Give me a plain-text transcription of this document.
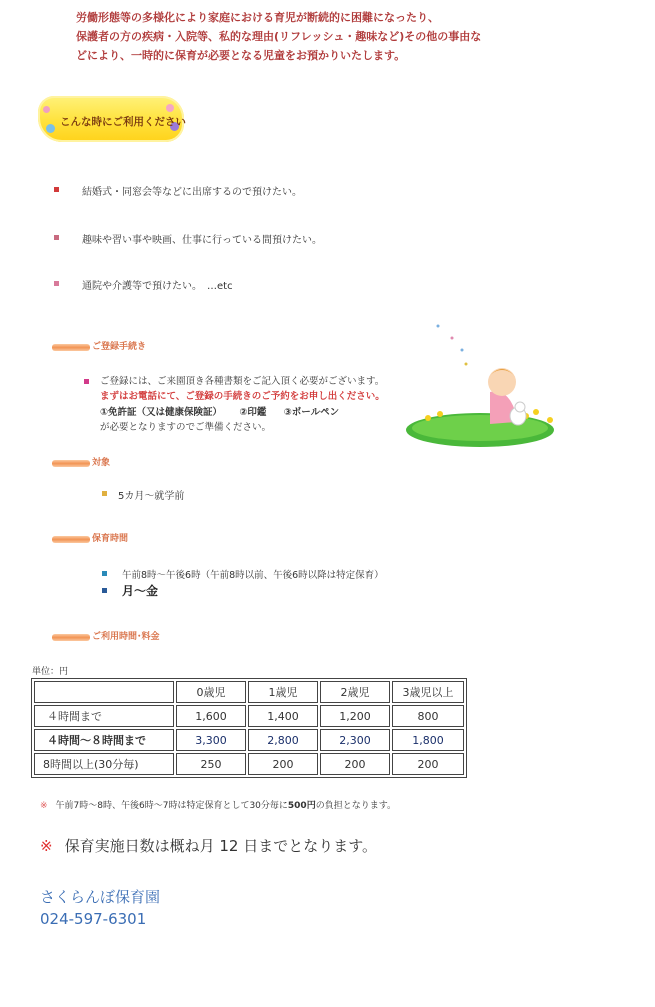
労働形態等の多様化により家庭における育児が断続的に困難になったり、
保護者の方の疾病・入院等、私的な理由(リフレッシュ・趣味など)その他の事由な
どにより、一時的に保育が必要となる児童をお預かりいたします。

こんな時にご利用ください
結婚式・同窓会等などに出席するので預けたい。
趣味や習い事や映画、仕事に行っている間預けたい。
通院や介護等で預けたい。　…etc
ご登録手続き
ご登録には、ご来園頂き各種書類をご記入頂く必要がございます。
まずはお電話にて、ご登録の手続きのご予約をお申し出ください。
①免許証（又は健康保険証） ②印鑑 ③ボールペン
が必要となりますのでご準備ください。
対象
5カ月～就学前
保育時間
午前8時～午後6時（午前8時以前、午後6時以降は特定保育）
月～金
ご利用時間･料金
単位：円
	0歳児	1歳児	2歳児	3歳児以上
４時間まで	1,600	1,400	1,200	800
４時間～８時間まで	3,300	2,800	2,300	1,800
8時間以上(30分毎)	250	200	200	200
※ 午前7時～8時、午後6時～7時は特定保育として30分毎に500円の負担となります。
※ 保育実施日数は概ね月 12 日までとなります。
さくらんぼ保育園
024-597-6301
